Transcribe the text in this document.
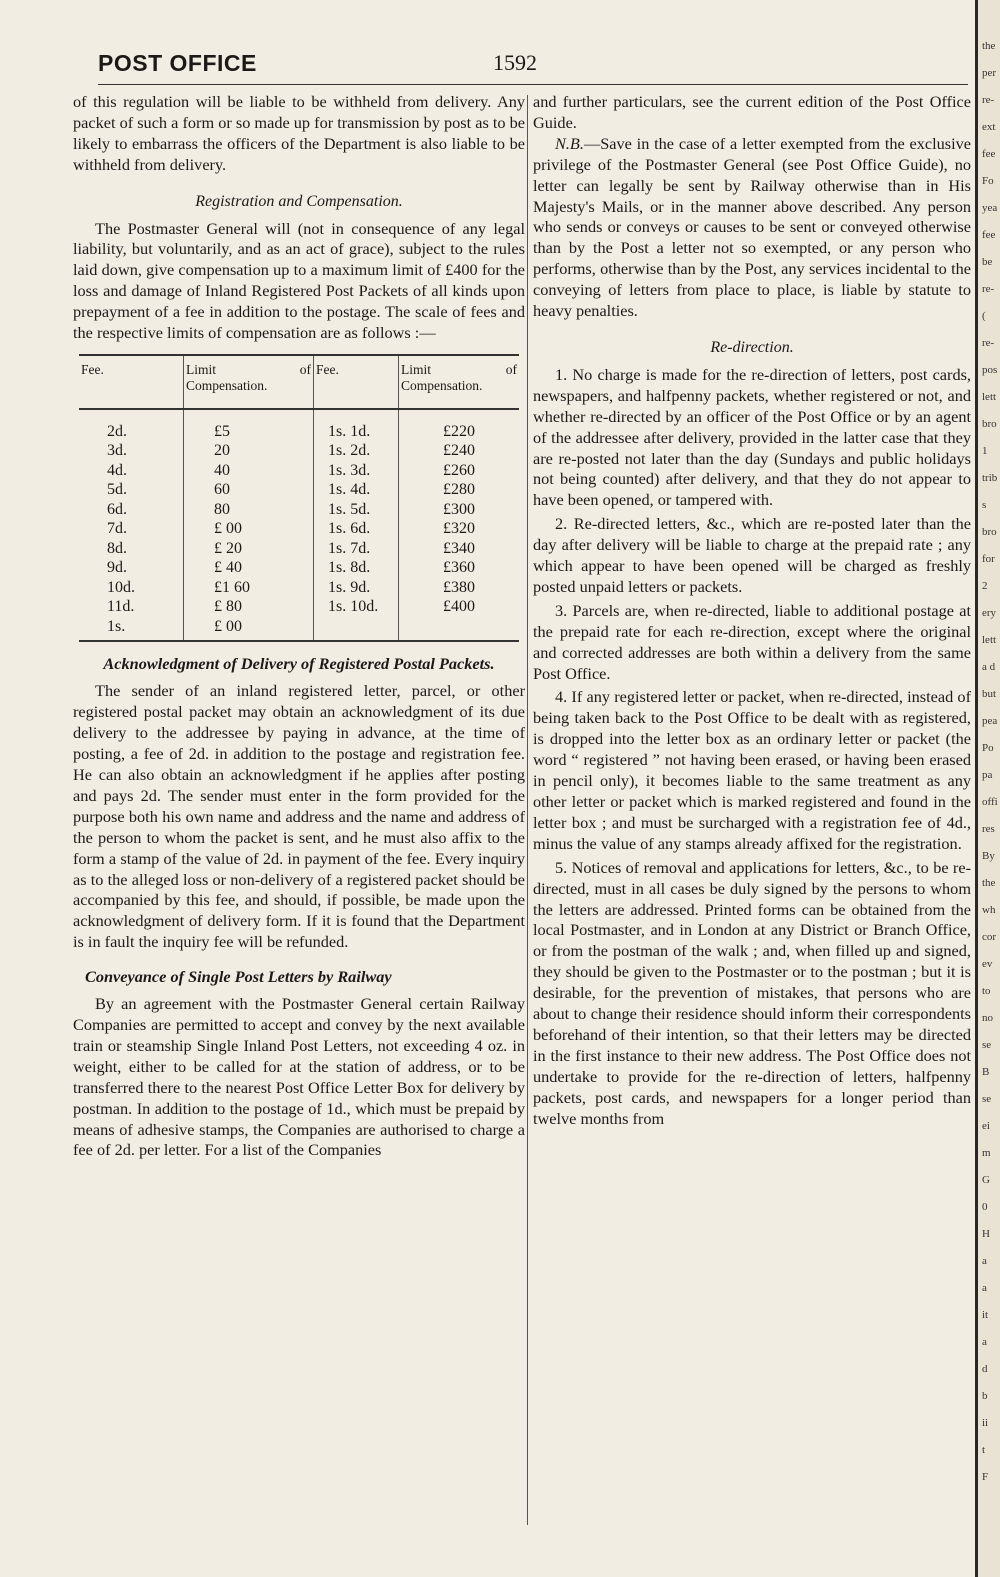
POST OFFICE	1592

of this regulation will be liable to be withheld from delivery. Any packet of such a form or so made up for transmission by post as to be likely to embarrass the officers of the Department is also liable to be withheld from delivery.

Registration and Compensation.

The Postmaster General will (not in consequence of any legal liability, but voluntarily, and as an act of grace), subject to the rules laid down, give compensation up to a maximum limit of £400 for the loss and damage of Inland Registered Post Packets of all kinds upon prepayment of a fee in addition to the postage. The scale of fees and the respective limits of compensation are as follows :—

Fee.	Limit of Compensation.	Fee.	Limit of Compensation.
2d.	£5	1s. 1d.	£220
3d.	20	1s. 2d.	£240
4d.	40	1s. 3d.	£260
5d.	60	1s. 4d.	£280
6d.	80	1s. 5d.	£300
7d.	£ 00	1s. 6d.	£320
8d.	£ 20	1s. 7d.	£340
9d.	£ 40	1s. 8d.	£360
10d.	£1 60	1s. 9d.	£380
11d.	£ 80	1s. 10d.	£400
1s.	£ 00		

Acknowledgment of Delivery of Registered Postal Packets.

The sender of an inland registered letter, parcel, or other registered postal packet may obtain an acknowledgment of its due delivery to the addressee by paying in advance, at the time of posting, a fee of 2d. in addition to the postage and registration fee. He can also obtain an acknowledgment if he applies after posting and pays 2d. The sender must enter in the form provided for the purpose both his own name and address and the name and address of the person to whom the packet is sent, and he must also affix to the form a stamp of the value of 2d. in payment of the fee. Every inquiry as to the alleged loss or non-delivery of a registered packet should be accompanied by this fee, and should, if possible, be made upon the acknowledgment of delivery form. If it is found that the Department is in fault the inquiry fee will be refunded.

Conveyance of Single Post Letters by Railway

By an agreement with the Postmaster General certain Railway Companies are permitted to accept and convey by the next available train or steamship Single Inland Post Letters, not exceeding 4 oz. in weight, either to be called for at the station of address, or to be transferred there to the nearest Post Office Letter Box for delivery by postman. In addition to the postage of 1d., which must be prepaid by means of adhesive stamps, the Companies are authorised to charge a fee of 2d. per letter. For a list of the Companies

and further particulars, see the current edition of the Post Office Guide.

N.B.—Save in the case of a letter exempted from the exclusive privilege of the Postmaster General (see Post Office Guide), no letter can legally be sent by Railway otherwise than in His Majesty's Mails, or in the manner above described. Any person who sends or conveys or causes to be sent or conveyed otherwise than by the Post a letter not so exempted, or any person who performs, otherwise than by the Post, any services incidental to the conveying of letters from place to place, is liable by statute to heavy penalties.

Re-direction.

1. No charge is made for the re-direction of letters, post cards, newspapers, and halfpenny packets, whether registered or not, and whether re-directed by an officer of the Post Office or by an agent of the addressee after delivery, provided in the latter case that they are re-posted not later than the day (Sundays and public holidays not being counted) after delivery, and that they do not appear to have been opened, or tampered with.

2. Re-directed letters, &c., which are re-posted later than the day after delivery will be liable to charge at the prepaid rate ; any which appear to have been opened will be charged as freshly posted unpaid letters or packets.

3. Parcels are, when re-directed, liable to additional postage at the prepaid rate for each re-direction, except where the original and corrected addresses are both within a delivery from the same Post Office.

4. If any registered letter or packet, when re-directed, instead of being taken back to the Post Office to be dealt with as registered, is dropped into the letter box as an ordinary letter or packet (the word “ registered ” not having been erased, or having been erased in pencil only), it becomes liable to the same treatment as any other letter or packet which is marked registered and found in the letter box ; and must be surcharged with a registration fee of 4d., minus the value of any stamps already affixed for the registration.

5. Notices of removal and applications for letters, &c., to be re-directed, must in all cases be duly signed by the persons to whom the letters are addressed. Printed forms can be obtained from the local Postmaster, and in London at any District or Branch Office, or from the postman of the walk ; and, when filled up and signed, they should be given to the Postmaster or to the postman ; but it is desirable, for the prevention of mistakes, that persons who are about to change their residence should inform their correspondents beforehand of their intention, so that their letters may be directed in the first instance to their new address. The Post Office does not undertake to provide for the re-direction of letters, halfpenny packets, post cards, and newspapers for a longer period than twelve months from

the
per
re-
ext
fee
Fo
yea
fee
be
re-
(
re-
pos
lett
bro
1
trib
s
bro
for
2
ery
lett
a d
but
pea
Po
pa
offi
res
By
the
wh
cor
ev
to
no
se
B
se
ei
m
G
0
H
a
a
it
a
d
b
ii
t
F
